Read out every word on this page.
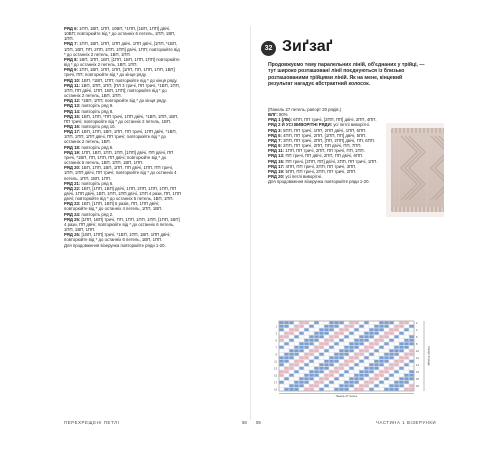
РЯД 6: 1ПП, 1ВП, 1ПП, 10ВП, *1ПП, [1ВП, 1ПП] двічі, 10ВП; повторюйте від * до останніх 6 петель, 1ПП, 1ВП, 1ПП.
РЯД 7: 1ПП, 1ВП, 1ПП, 1ПП двічі, 1ПП двічі, [1ПП, *1ВП, 1ПП, 1ВП, ПП, 2ПП, 1ПП, 1ПП] двічі, 1ПП; повторюйте від * до останніх 2 петель, 1ВП, 1ПП.
РЯД 8: 1ВП, 1ПП, 1ВП, [1ПП, 1ВП, 1ПП, 1ПП] повторюйте від * до останніх 2 петель, 1ВП, 1ПП.
РЯД 9: 1ПП, 1ВП, 1ПП, 1ПП, [1ПП, ПП, 1ПП, 1ПП, 1ВП] тричі, ПП; повторюйте від * до кінця ряду.
РЯД 10: 1ВП, *1ВП, 1ПП; повторюйте від * до кінця ряду.
РЯД 11: 1ВП, 1ПП, 1ПП, [ПЛ 3 тричі, ПП тричі, *1ВП, 1ПП, 1ПП, ПП двічі, 1ПП, 1ВП, 1ПП]; повторюйте від * до останніх 2 петель, 1ВП, 1ПП.
РЯД 12: *1ВП, 1ПП; повторюйте від * до кінця ряду.
РЯД 13: повторіть ряд 9.
РЯД 14: повторіть ряд 8.
РЯД 15: 1ВП, 1ПП, *ПП тричі, 1ПП двічі, *1ВП, 1ПП, 1ВП, ПП тричі; повторюйте від * до останніх 2 петель, 1ВП.
РЯД 16: повторіть ряд 10.
РЯД 17: 1ВП, 1ПП, 1ВП, 1ПП, ПП тричі, 1ПП двічі, *1ВП, 1ПП, 1ПП, 1ПП двічі, ПП тричі; повторюйте від * до останніх 2 петель, 1ВП.
РЯД 18: повторіть ряд 6.
РЯД 19: 1ПП, 1ВП, 1ПП, 1ПП, [1ПП] двічі, ПП двічі, ПП тричі, *1ВП, ПП, 1ПП, ПП двічі; повторюйте від * до останніх 5 петель, 1ВП, 1ПП, 1ВП, 1ПП.
РЯД 20: 1ВП, 1ПП, 1ВП, 1ПП, ПП двічі, 1ПП, ПП тричі, 1ПП, 1ПП двічі, ПП тричі; повторюйте від * до останніх 4 петель, 1ПП, 1ВП, 1ПП.
РЯД 21: повторіть ряд 6.
РЯД 22: 1ВП, [1ПП, 1ВП] двічі, 1ПП, 2ПП, 1ПП, 1ПП, ПП двічі, 1ПП двічі, 1ВП, 1ПП, 1ПП двічі, 1ПП 4 рази, ПП, 1ПП двічі; повторюйте від * до останніх 5 петель, 1ВП, 1ПП.
РЯД 23: 1ВП, [1ПП, 1ВП] 5 разів, ПП, 1ПП двічі; повторюйте від * до останніх 4 петель, 1ПП, 1ВП.
РЯД 24: повторіть ряд 2.
РЯД 25: [1ПП, 1ВП] тричі, ПП, 1ПП, 1ПП, 1ПП, [1ПП, 1ВП] 4 рази, ПП двічі; повторюйте від * до останніх 6 петель, 1ПП, 1ВП, 1ПП.
РЯД 26: [1ВП, 1ПП] тричі, *1ВП, 1ПП, 1ВП, 1ПП двічі; повторюйте від * до останніх 6 петель, 1ВП, 1ПП.
Для продовження візерунка повторюйте ряди 1-20.
32 Зиґзаґ
Продовжуємо тему паралельних ліній, об'єднаних у трійці, — тут широко розташовані лінії поєднуються із близько розташованими трійцями ліній. Як на мене, кінцевий результат нагадує абстрактний колосок.
(Панель 27 петель, рапорт 20 рядів.)
ВЛГ: 80%
РЯД 1 (ЛБ): 6ПП, ПП тричі, [2ПП, ПП] двічі, 2ПП, 4ПП.
РЯД 2 Й УСІ ВИВОРІТНІ РЯДИ: усі петлі виворітні.
РЯД 3: 5ПП, ПП тричі, 1ПП, 2ПП двічі, 1ПП, 5ПП.
РЯД 5: 4ПП, ПП тричі, 2ПП, [1ПП, ПП] двічі, 5ПП.
РЯД 7: 3ПП, ПП тричі, 2ПП, [ПП, 2ПП] двічі, ПП, 6ПП.
РЯД 9: 2ПП, ПП тричі, 2ПП, ПП двічі, ПП, 7ПП.
РЯД 11: 1ПП, ПП тричі, 2ПП, ПП тричі, ПП, 1ПП.
РЯД 13: ПП тричі, ПП двічі, 2ПП, ПП двічі, 6ПП.
РЯД 15: ПП тричі, [2ПП, ПП] двічі, 2ПП, ПП тричі, 1ПП.
РЯД 17: 4ПП, ПП тричі, 2ПП, ПП тричі, 3ПП.
РЯД 19: 5ПП, ПП тричі, 2ПП, ПП тричі, 2ПП.
РЯД 20: усі петлі виворітні.
Для продовження візерунка повторюйте ряди 1-20.
19
17
15
13
11
9
7
5
3
1
20
18
16
14
12
10
8
6
4
2
Рапорт 20 рядів
Панель 27 петель
ПЕРЕХРЕЩЕНІ ПЕТЛІ	58 59	ЧАСТИНА 1 ВІЗЕРУНКИ
